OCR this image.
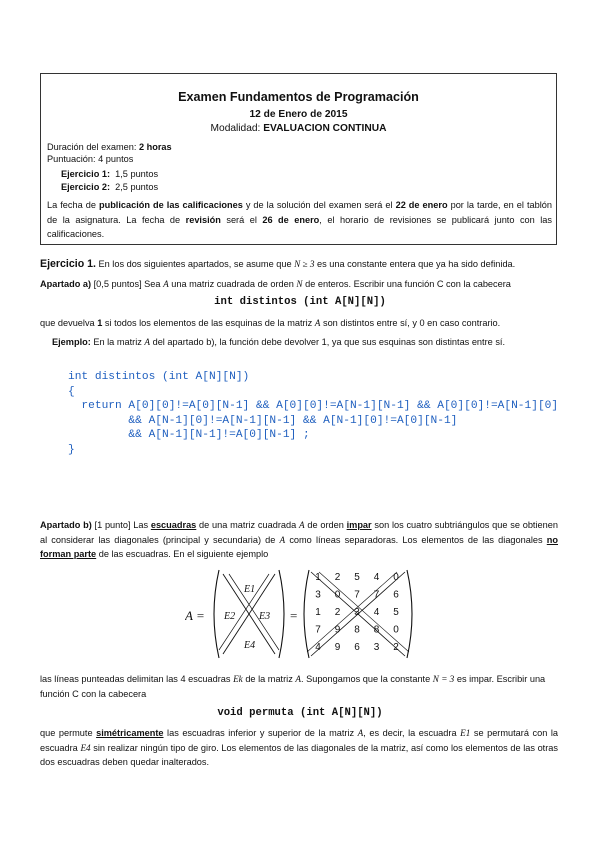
Examen Fundamentos de Programación
12 de Enero de 2015
Modalidad: EVALUACION CONTINUA
Duración del examen: 2 horas
Puntuación: 4 puntos
Ejercicio 1: 1,5 puntos
Ejercicio 2: 2,5 puntos
La fecha de publicación de las calificaciones y de la solución del examen será el 22 de enero por la tarde, en el tablón de la asignatura. La fecha de revisión será el 26 de enero, el horario de revisiones se publicará junto con las calificaciones.
Ejercicio 1. En los dos siguientes apartados, se asume que N ≥ 3 es una constante entera que ya ha sido definida.
Apartado a) [0,5 puntos] Sea A una matriz cuadrada de orden N de enteros. Escribir una función C con la cabecera
int distintos (int A[N][N])
que devuelva 1 si todos los elementos de las esquinas de la matriz A son distintos entre sí, y 0 en caso contrario.
Ejemplo: En la matriz A del apartado b), la función debe devolver 1, ya que sus esquinas son distintas entre sí.
int distintos (int A[N][N])
{
return A[0][0]!=A[0][N-1] && A[0][0]!=A[N-1][N-1] && A[0][0]!=A[N-1][0]
&& A[N-1][0]!=A[N-1][N-1] && A[N-1][0]!=A[0][N-1]
&& A[N-1][N-1]!=A[0][N-1] ;
}
Apartado b) [1 punto] Las escuadras de una matriz cuadrada A de orden impar son los cuatro subtriángulos que se obtienen al considerar las diagonales (principal y secundaria) de A como líneas separadoras. Los elementos de las diagonales no forman parte de las escuadras. En el siguiente ejemplo
A =
E1
E2 E3
E4
=
1 2 5 4 0
3 0 7 7 6
1 2 3 4 5
7 9 8 8 0
4 9 6 3 2
las líneas punteadas delimitan las 4 escuadras Ek de la matriz A. Supongamos que la constante N = 3 es impar. Escribir una función C con la cabecera
void permuta (int A[N][N])
que permute simétricamente las escuadras inferior y superior de la matriz A, es decir, la escuadra E1 se permutará con la escuadra E4 sin realizar ningún tipo de giro. Los elementos de las diagonales de la matriz, así como los elementos de las otras dos escuadras deben quedar inalterados.
